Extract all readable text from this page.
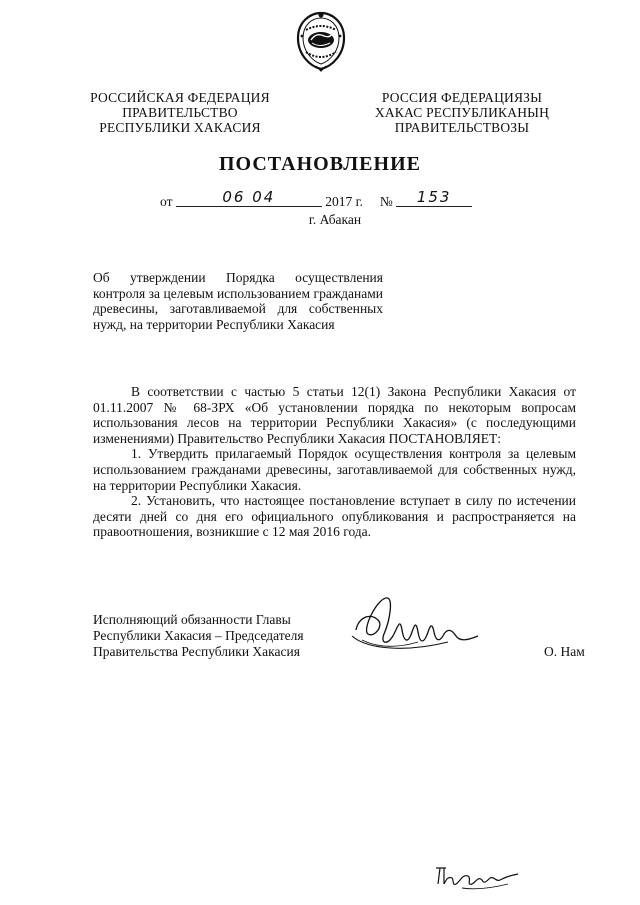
РОССИЙСКАЯ ФЕДЕРАЦИЯ
ПРАВИТЕЛЬСТВО
РЕСПУБЛИКИ ХАКАСИЯ
РОССИЯ ФЕДЕРАЦИЯЗЫ
ХАКАС РЕСПУБЛИКАНЫҢ
ПРАВИТЕЛЬСТВОЗЫ
ПОСТАНОВЛЕНИЕ
от	06 04	2017 г. № 153
г. Абакан
Об утверждении Порядка осуществления контроля за целевым использованием гражданами древесины, заготавливаемой для собственных нужд, на территории Республики Хакасия

В соответствии с частью 5 статьи 12(1) Закона Республики Хакасия от 01.11.2007 № 68-ЗРХ «Об установлении порядка по некоторым вопросам использования лесов на территории Республики Хакасия» (с последующими изменениями) Правительство Республики Хакасия ПОСТАНОВЛЯЕТ:

1. Утвердить прилагаемый Порядок осуществления контроля за целевым использованием гражданами древесины, заготавливаемой для собственных нужд, на территории Республики Хакасия.

2. Установить, что настоящее постановление вступает в силу по истечении десяти дней со дня его официального опубликования и распространяется на правоотношения, возникшие с 12 мая 2016 года.

Исполняющий обязанности Главы
Республики Хакасия – Председателя
Правительства Республики Хакасия	О. Нам
